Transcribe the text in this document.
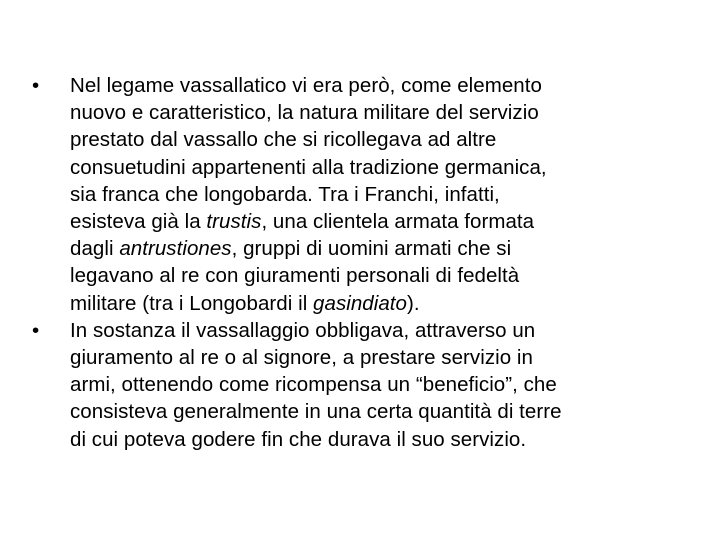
•	Nel legame vassallatico vi era però, come elemento
nuovo e caratteristico, la natura militare del servizio
prestato dal vassallo che si ricollegava ad altre
consuetudini appartenenti alla tradizione germanica,
sia franca che longobarda. Tra i Franchi, infatti,
esisteva già la trustis, una clientela armata formata
dagli antrustiones, gruppi di uomini armati che si
legavano al re con giuramenti personali di fedeltà
militare (tra i Longobardi il gasindiato).
•	In sostanza il vassallaggio obbligava, attraverso un
giuramento al re o al signore, a prestare servizio in
armi, ottenendo come ricompensa un “beneficio”, che
consisteva generalmente in una certa quantità di terre
di cui poteva godere fin che durava il suo servizio.
